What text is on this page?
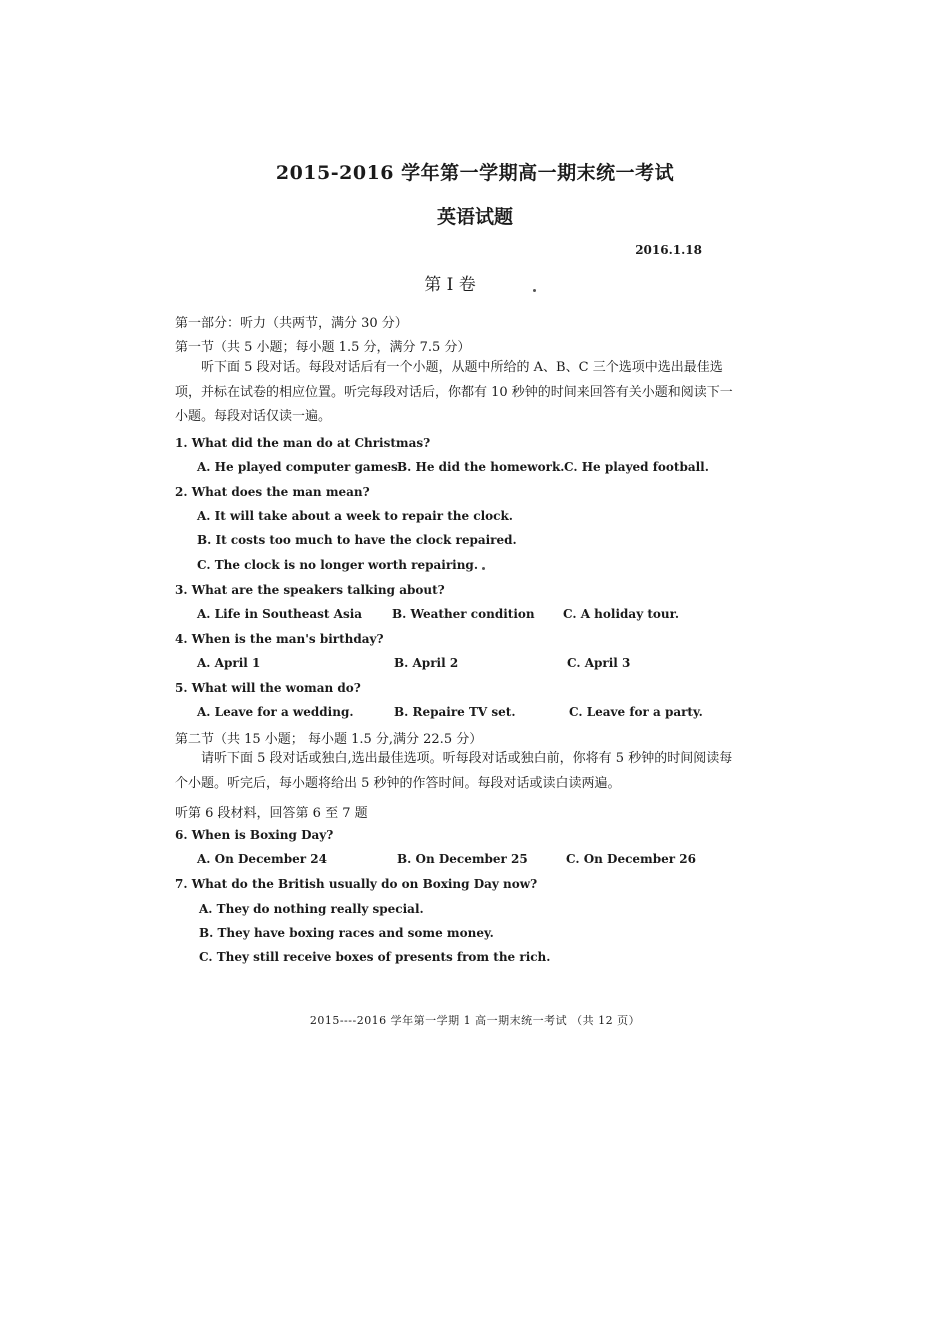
2015-2016 学年第一学期高一期末统一考试
英语试题
2016.1.18
第 I 卷
第一部分：听力（共两节，满分 30 分）
第一节（共 5 小题；每小题 1.5 分，满分 7.5 分）
听下面 5 段对话。每段对话后有一个小题，从题中所给的 A、B、C 三个选项中选出最佳选项，并标在试卷的相应位置。听完每段对话后，你都有 10 秒钟的时间来回答有关小题和阅读下一小题。每段对话仅读一遍。
1. What did the man do at Christmas?
A. He played computer games.
B. He did the homework. C. He played football.
2. What does the man mean?
A. It will take about a week to repair the clock.
B. It costs too much to have the clock repaired.
C. The clock is no longer worth repairing.
3. What are the speakers talking about?
A. Life in Southeast Asia B. Weather condition C. A holiday tour.
4. When is the man's birthday?
A. April 1	B. April 2	C. April 3
5. What will the woman do?
A. Leave for a wedding.	B. Repaire TV set.	C. Leave for a party.
第二节（共 15 小题； 每小题 1.5 分,满分 22.5 分）
请听下面 5 段对话或独白,选出最佳选项。听每段对话或独白前，你将有 5 秒钟的时间阅读每个小题。听完后，每小题将给出 5 秒钟的作答时间。每段对话或读白读两遍。
听第 6 段材料，回答第 6 至 7 题
6. When is Boxing Day?
A. On December 24	B. On December 25	C. On December 26
7. What do the British usually do on Boxing Day now?
A. They do nothing really special.
B. They have boxing races and some money.
C. They still receive boxes of presents from the rich.
2015----2016 学年第一学期 1 高一期末统一考试 （共 12 页）
